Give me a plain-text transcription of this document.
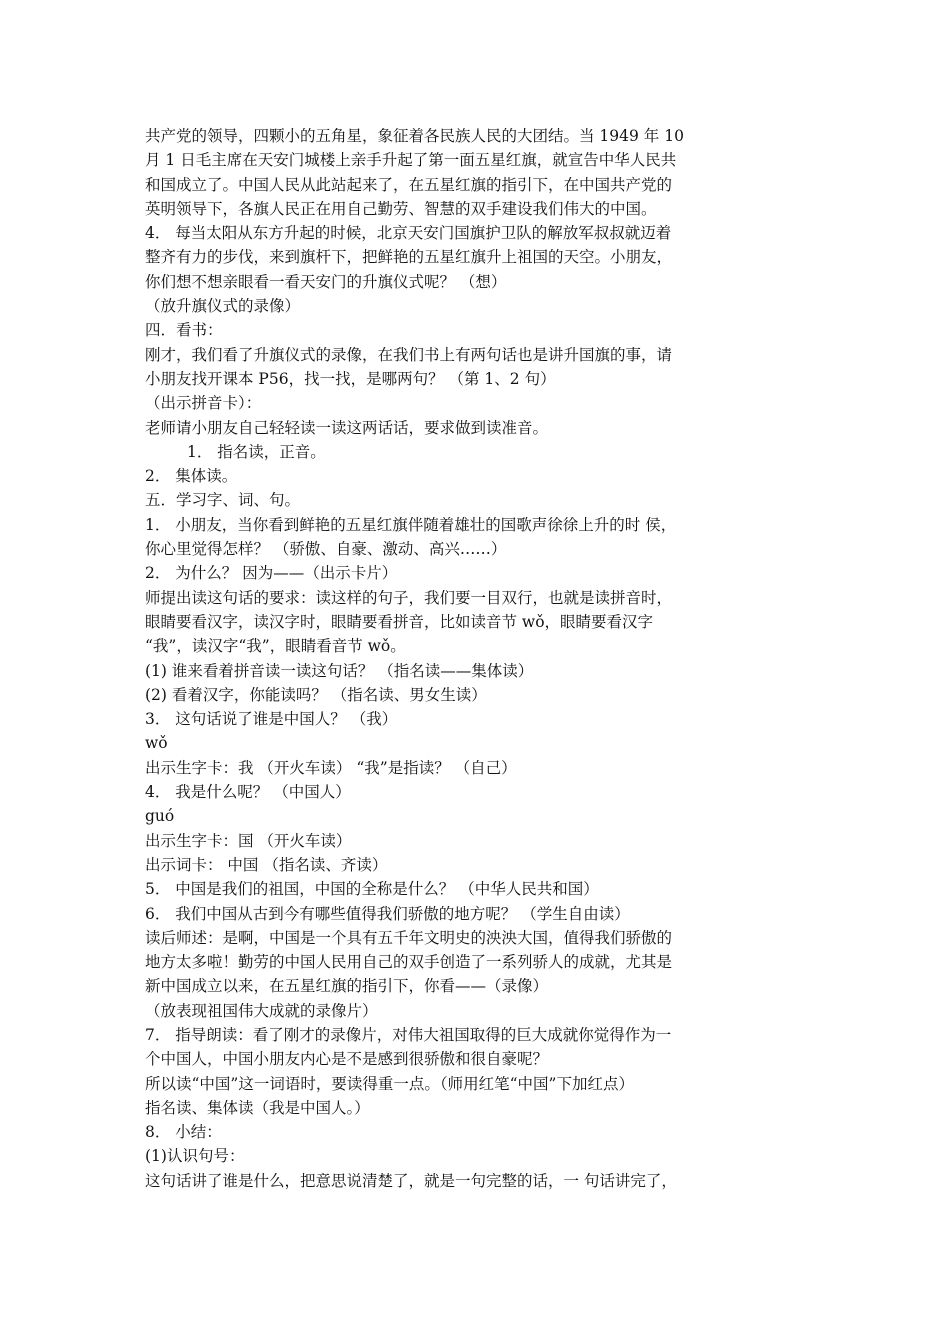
共产党的领导，四颗小的五角星，象征着各民族人民的大团结。当 1949 年 10
月 1 日毛主席在天安门城楼上亲手升起了第一面五星红旗，就宣告中华人民共
和国成立了。中国人民从此站起来了，在五星红旗的指引下，在中国共产党的
英明领导下，各旗人民正在用自己勤劳、智慧的双手建设我们伟大的中国。
4． 每当太阳从东方升起的时候，北京天安门国旗护卫队的解放军叔叔就迈着
整齐有力的步伐，来到旗杆下，把鲜艳的五星红旗升上祖国的天空。小朋友，
你们想不想亲眼看一看天安门的升旗仪式呢？ （想）
（放升旗仪式的录像）
四．看书：
刚才，我们看了升旗仪式的录像，在我们书上有两句话也是讲升国旗的事，请
小朋友找开课本 P56，找一找，是哪两句？ （第 1、2 句）
（出示拼音卡）：
老师请小朋友自己轻轻读一读这两话话，要求做到读准音。
1． 指名读，正音。
2． 集体读。
五．学习字、词、句。
1． 小朋友，当你看到鲜艳的五星红旗伴随着雄壮的国歌声徐徐上升的时 侯，
你心里觉得怎样？ （骄傲、自豪、激动、高兴……）
2． 为什么？ 因为——（出示卡片）
师提出读这句话的要求：读这样的句子，我们要一目双行，也就是读拼音时，
眼睛要看汉字，读汉字时，眼睛要看拼音，比如读音节 wǒ，眼睛要看汉字
“我”，读汉字“我”，眼睛看音节 wǒ。
(1) 谁来看着拼音读一读这句话？ （指名读——集体读）
(2) 看着汉字，你能读吗？ （指名读、男女生读）
3． 这句话说了谁是中国人？ （我）
wǒ
出示生字卡：我 （开火车读） “我”是指读？ （自己）
4． 我是什么呢？ （中国人）
guó
出示生字卡：国 （开火车读）
出示词卡： 中国 （指名读、齐读）
5． 中国是我们的祖国，中国的全称是什么？ （中华人民共和国）
6． 我们中国从古到今有哪些值得我们骄傲的地方呢？ （学生自由读）
读后师述：是啊，中国是一个具有五千年文明史的泱泱大国，值得我们骄傲的
地方太多啦！勤劳的中国人民用自己的双手创造了一系列骄人的成就，尤其是
新中国成立以来，在五星红旗的指引下，你看——（录像）
（放表现祖国伟大成就的录像片）
7． 指导朗读：看了刚才的录像片，对伟大祖国取得的巨大成就你觉得作为一
个中国人，中国小朋友内心是不是感到很骄傲和很自豪呢？
所以读“中国”这一词语时，要读得重一点。（师用红笔“中国”下加红点）
指名读、集体读（我是中国人。）
8． 小结：
(1)认识句号：
这句话讲了谁是什么，把意思说清楚了，就是一句完整的话，一 句话讲完了，
